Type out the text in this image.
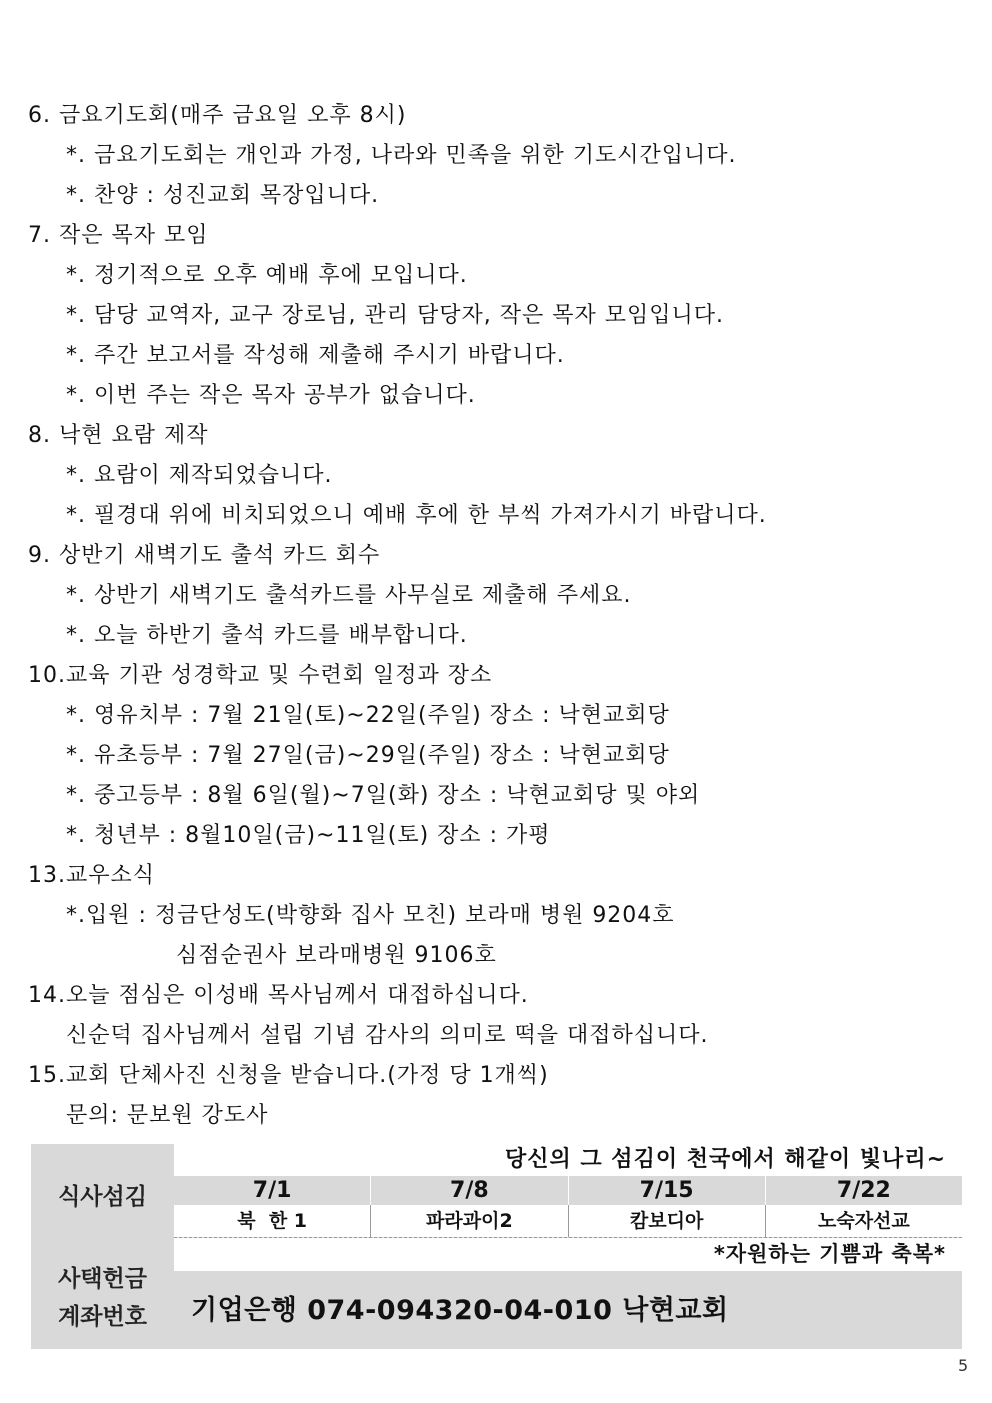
6. 금요기도회(매주 금요일 오후 8시)
*. 금요기도회는 개인과 가정, 나라와 민족을 위한 기도시간입니다.
*. 찬양 : 성진교회 목장입니다.
7. 작은 목자 모임
*. 정기적으로 오후 예배 후에 모입니다.
*. 담당 교역자, 교구 장로님, 관리 담당자, 작은 목자 모임입니다.
*. 주간 보고서를 작성해 제출해 주시기 바랍니다.
*. 이번 주는 작은 목자 공부가 없습니다.
8. 낙현 요람 제작
*. 요람이 제작되었습니다.
*. 필경대 위에 비치되었으니 예배 후에 한 부씩 가져가시기 바랍니다.
9. 상반기 새벽기도 출석 카드 회수
*. 상반기 새벽기도 출석카드를 사무실로 제출해 주세요.
*. 오늘 하반기 출석 카드를 배부합니다.
10.교육 기관 성경학교 및 수련회 일정과 장소
*. 영유치부 : 7월 21일(토)~22일(주일) 장소 : 낙현교회당
*. 유초등부 : 7월 27일(금)~29일(주일) 장소 : 낙현교회당
*. 중고등부 : 8월 6일(월)~7일(화) 장소 : 낙현교회당 및 야외
*. 청년부 : 8월10일(금)~11일(토) 장소 : 가평
13.교우소식
*.입원 : 정금단성도(박향화 집사 모친) 보라매 병원 9204호
심점순권사 보라매병원 9106호
14.오늘 점심은 이성배 목사님께서 대접하십니다.
신순덕 집사님께서 설립 기념 감사의 의미로 떡을 대접하십니다.
15.교회 단체사진 신청을 받습니다.(가정 당 1개씩)
문의: 문보원 강도사
식사섬김
당신의 그 섬김이 천국에서 해같이 빛나리~
7/1	7/8	7/15	7/22
북  한 1	파라과이2	캄보디아	노숙자선교
*자원하는 기쁨과 축복*
사택헌금
계좌번호	기업은행 074-094320-04-010 낙현교회
5
